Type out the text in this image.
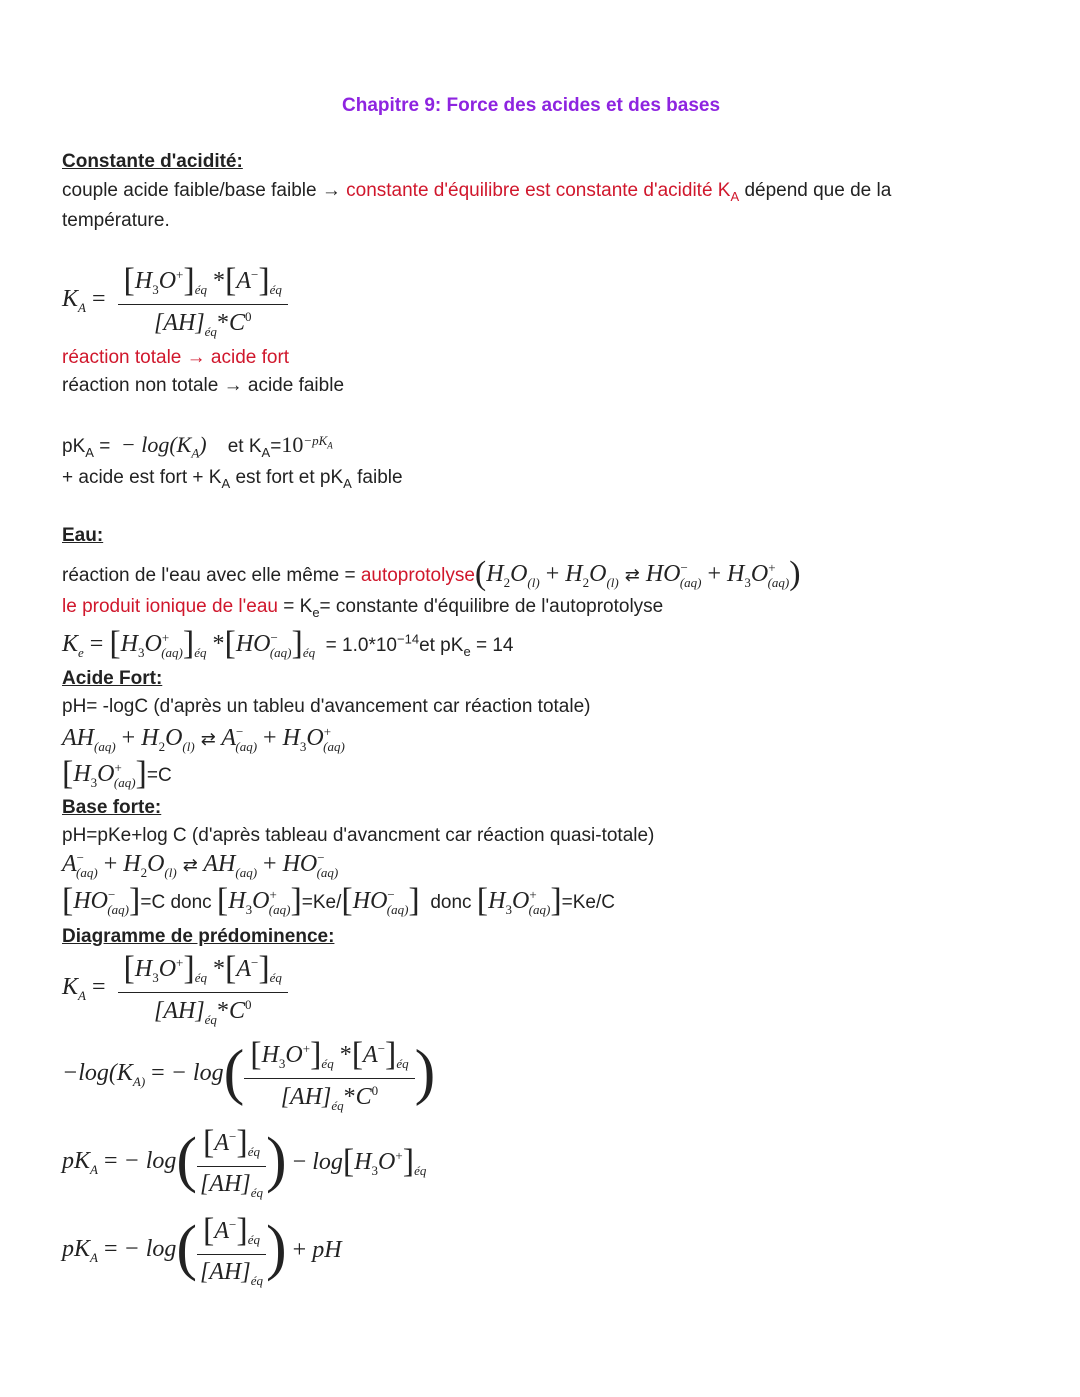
Chapitre 9: Force des acides et des bases
Constante d'acidité:
couple acide faible/base faible → constante d'équilibre est constante d'acidité $K_A$ dépend que de la
température.
$K_A = \frac{[H_3O^+]_{éq} *[A^-]_{éq}}{[AH]_{éq}*C^0}$
réaction totale → acide fort
réaction non totale → acide faible
$pK_A$ =  − $\log(K_A)$ et $K_A=10^{-pK_A}$
+ acide est fort + $K_A$ est fort et $pK_A$ faible
Eau:
réaction de l'eau avec elle même = $autoprotolyse(H_2O_{(l)} + H_2O_{(l)}$ ⇄ $HO^-_{(aq)} + H_3O^+_{(aq)}$)
le produit ionique de $l'eau = K_e=$ constante d'équilibre de l'autoprotolyse
$K_e = [H_3O^+_{(aq)}]_{éq}$ $*[HO^-_{(aq)}]_{éq} = 1.0*10^{-14}et$ $pK_e = 14$
Acide Fort:
pH= -logC (d'après un tableu d'avancement car réaction totale)
$AH_{(aq)} + H_2O_{(l)}$ ⇄ $A^-_{(aq)} + H_3O^+_{(aq)}$
$[H_3O^+_{(aq)}]=C$
Base forte:
pH=pKe+log C (d'après tableau d'avancment car réaction quasi-totale)
$A^-_{(aq)} + H_2O_{(l)}$ ⇄ $AH_{(aq)} + HO^-_{(aq)}$
$[HO^-_{(aq)}]=C$ donc $[H_3O^+_{(aq)}]=Ke/[HO^-_{(aq)}]$ donc $[H_3O^+_{(aq)}]=Ke/C$
Diagramme de prédominence:
$K_A = \frac{[H_3O^+]_{éq} *[A^-]_{éq}}{[AH]_{éq}*C^0}$
$-\log(K_{A)}$ = − $\log( \frac{[H_3O^+]_{éq} *[A^-]_{éq}}{[AH]_{éq}*C^0}$ )
$pK_A$ = − $\log( \frac{[A^-]_{éq}}{[AH]_{éq}}$ ) − $\log[H_3O^+]_{éq}$
$pK_A$ = − $\log( \frac{[A^-]_{éq}}{[AH]_{éq}}$ ) + pH
